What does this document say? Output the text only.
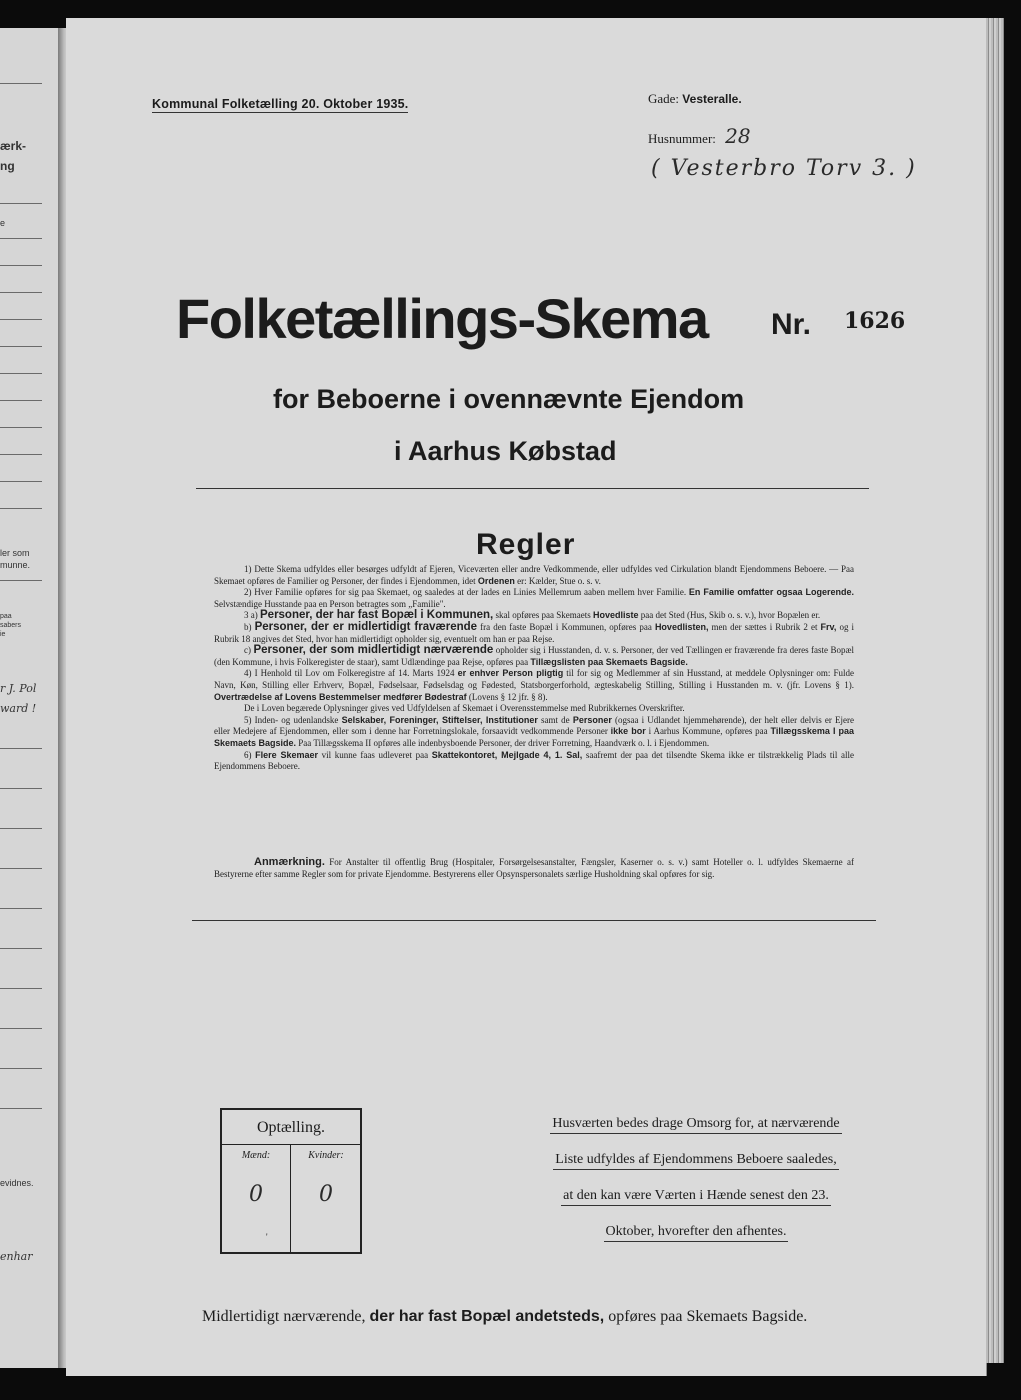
ærk-
ng
e
ler som
munne.
paa
sabers
ie
r J. Pol
ward !
evidnes.
enhar
Kommunal Folketælling 20. Oktober 1935.	Gade: Vesteralle.
Husnummer: 28
( Vesterbro Torv 3. )
Folketællings-Skema Nr. 1626
for Beboerne i ovennævnte Ejendom
i Aarhus Købstad
Regler

1) Dette Skema udfyldes eller besørges udfyldt af Ejeren, Viceværten eller andre Vedkommende, eller udfyldes ved Cirkulation blandt Ejendommens Beboere. — Paa Skemaet opføres de Familier og Personer, der findes i Ejendommen, idet Ordenen er: Kælder, Stue o. s. v.

2) Hver Familie opføres for sig paa Skemaet, og saaledes at der lades en Linies Mellemrum aaben mellem hver Familie. En Familie omfatter ogsaa Logerende. Selvstændige Husstande paa en Person betragtes som „Familie".

3 a) Personer, der har fast Bopæl i Kommunen, skal opføres paa Skemaets Hovedliste paa det Sted (Hus, Skib o. s. v.), hvor Bopælen er.

b) Personer, der er midlertidigt fraværende fra den faste Bopæl i Kommunen, opføres paa Hovedlisten, men der sættes i Rubrik 2 et Frv, og i Rubrik 18 angives det Sted, hvor han midlertidigt opholder sig, eventuelt om han er paa Rejse.

c) Personer, der som midlertidigt nærværende opholder sig i Husstanden, d. v. s. Personer, der ved Tællingen er fraværende fra deres faste Bopæl (den Kommune, i hvis Folkeregister de staar), samt Udlændinge paa Rejse, opføres paa Tillægslisten paa Skemaets Bagside.

4) I Henhold til Lov om Folkeregistre af 14. Marts 1924 er enhver Person pligtig til for sig og Medlemmer af sin Husstand, at meddele Oplysninger om: Fulde Navn, Køn, Stilling eller Erhverv, Bopæl, Fødselsaar, Fødselsdag og Fødested, Statsborgerforhold, ægteskabelig Stilling, Stilling i Husstanden m. v. (jfr. Lovens § 1). Overtrædelse af Lovens Bestemmelser medfører Bødestraf (Lovens § 12 jfr. § 8).

De i Loven begærede Oplysninger gives ved Udfyldelsen af Skemaet i Overensstemmelse med Rubrikkernes Overskrifter.

5) Inden- og udenlandske Selskaber, Foreninger, Stiftelser, Institutioner samt de Personer (ogsaa i Udlandet hjemmehørende), der helt eller delvis er Ejere eller Medejere af Ejendommen, eller som i denne har Forretningslokale, forsaavidt vedkommende Personer ikke bor i Aarhus Kommune, opføres paa Tillægsskema I paa Skemaets Bagside. Paa Tillægsskema II opføres alle indenbysboende Personer, der driver Forretning, Haandværk o. l. i Ejendommen.

6) Flere Skemaer vil kunne faas udleveret paa Skattekontoret, Mejlgade 4, 1. Sal, saafremt der paa det tilsendte Skema ikke er tilstrækkelig Plads til alle Ejendommens Beboere.

Anmærkning. For Anstalter til offentlig Brug (Hospitaler, Forsørgelsesanstalter, Fængsler, Kaserner o. s. v.) samt Hoteller o. l. udfyldes Skemaerne af Bestyrerne efter samme Regler som for private Ejendomme. Bestyrerens eller Opsynspersonalets særlige Husholdning skal opføres for sig.
Optælling.
Mænd:
0
'
Kvinder:
0
Husværten bedes drage Omsorg for, at nærværende
Liste udfyldes af Ejendommens Beboere saaledes,
at den kan være Værten i Hænde senest den 23.
Oktober, hvorefter den afhentes.
Midlertidigt nærværende, der har fast Bopæl andetsteds, opføres paa Skemaets Bagside.
